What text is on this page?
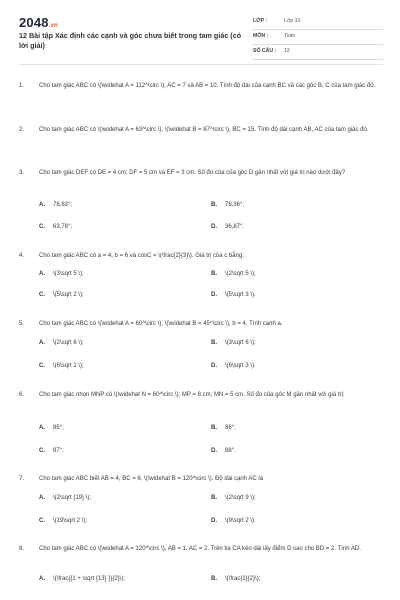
2048.vn
12 Bài tập Xác định các cạnh và góc chưa biết trong tam giác (có lời giải)
LỚP :	Lớp 10
MÔN :	Toán
SỐ CÂU : 12
1. Cho tam giác ABC có \(\widehat A = 112^\circ \), AC = 7 và AB = 10. Tính độ dài của cạnh BC và các góc B, C của tam giác đó.
2. Cho tam giác ABC có \(\widehat A = 63^\circ \), \(\widehat B = 87^\circ \), BC = 15. Tính độ dài cạnh AB, AC của tam giác đó.
3. Cho tam giác DEF có DE = 4 cm; DF = 5 cm và EF = 3 cm. Số đo của của góc D gần nhất với giá trị nào dưới đây?
A. 78,63°;	B. 78,36°;
C. 63,78°;	D. 36,87°.
4. Cho tam giác ABC có a = 4, b = 6 và cosC = \(\frac{2}{3}\). Giá trị của c bằng:
A. \(3\sqrt 5 \);	B. \(2\sqrt 5 \);
C. \(5\sqrt 2 \);	D. \(5\sqrt 3 \).
5. Cho tam giác ABC có \(\widehat A = 60^\circ \), \(\widehat B = 45^\circ \), b = 4. Tính cạnh a.
A. \(2\sqrt 6 \);	B. \(3\sqrt 6 \);
C. \(6\sqrt 2 \);	D. \(6\sqrt 3 \).
6. Cho tam giác nhọn MNP có \(\widehat N = 60^\circ \); MP = 8 cm; MN = 5 cm. Số đo của góc M gần nhất với giá trị:
A. 85°;	B. 86°;
C. 87°;	D. 88°.
7. Cho tam giác ABC biết AB = 4, BC = 6, \(\widehat B = 120^\circ \). Độ dài cạnh AC là
A. \(2\sqrt {19} \);	B. \(2\sqrt 9 \);
C. \(19\sqrt 2 \);	D. \(9\sqrt 2 \).
8. Cho tam giác ABC có \(\widehat A = 120^\circ \), AB = 1, AC = 2. Trên tia CA kéo dài lấy điểm D sao cho BD = 2. Tính AD.
A. \(\frac{{1 + \sqrt {13} }}{2}\);	B. \(\frac{1}{2}\);
